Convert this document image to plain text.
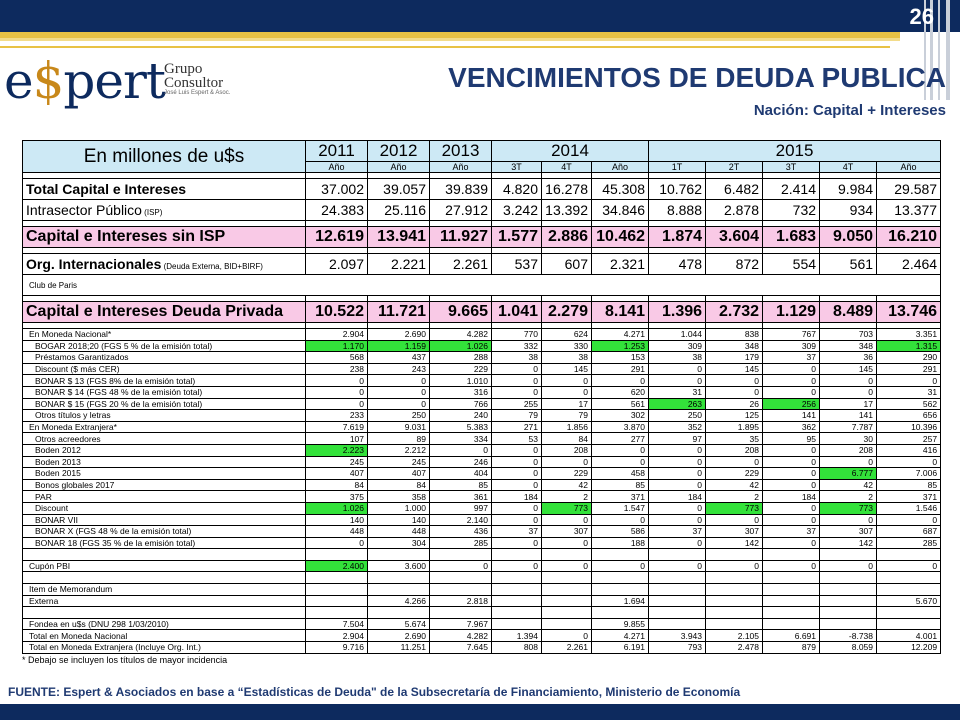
26
e$pert Grupo
Consultor
José Luis Espert & Asoc.	VENCIMIENTOS DE DEUDA PUBLICA
Nación: Capital + Intereses
En millones de u$s	2011	2012	2013	2014			2015				
	Año	Año	Año	3T	4T	Año	1T	2T	3T	4T	Año

Total Capital e Intereses	37.002	39.057	39.839	4.820	16.278	45.308	10.762	6.482	2.414	9.984	29.587
Intrasector Público (ISP)	24.383	25.116	27.912	3.242	13.392	34.846	8.888	2.878	732	934	13.377

Capital e Intereses sin ISP	12.619	13.941	11.927	1.577	2.886	10.462	1.874	3.604	1.683	9.050	16.210

Org. Internacionales (Deuda Externa, BID+BIRF)	2.097	2.221	2.261	537	607	2.321	478	872	554	561	2.464
Club de Paris											

Capital e Intereses Deuda Privada	10.522	11.721	9.665	1.041	2.279	8.141	1.396	2.732	1.129	8.489	13.746

En Moneda Nacional*	2.904	2.690	4.282	770	624	4.271	1.044	838	767	703	3.351
BOGAR 2018;20 (FGS 5 % de la emisión total)	1.170	1.159	1.026	332	330	1.253	309	348	309	348	1.315
Préstamos Garantizados	568	437	288	38	38	153	38	179	37	36	290
Discount ($ más CER)	238	243	229	0	145	291	0	145	0	145	291
BONAR $ 13 (FGS 8% de la emisión total)	0	0	1.010	0	0	0	0	0	0	0	0
BONAR $ 14 (FGS 48 % de la emisión total)	0	0	316	0	0	620	31	0	0	0	31
BONAR $ 15 (FGS 20 % de la emisión total)	0	0	766	255	17	561	263	26	256	17	562
Otros títulos y letras	233	250	240	79	79	302	250	125	141	141	656
En Moneda Extranjera*	7.619	9.031	5.383	271	1.856	3.870	352	1.895	362	7.787	10.396
Otros acreedores	107	89	334	53	84	277	97	35	95	30	257
Boden 2012	2.223	2.212	0	0	208	0	0	208	0	208	416
Boden 2013	245	245	246	0	0	0	0	0	0	0	0
Boden 2015	407	407	404	0	229	458	0	229	0	6.777	7.006
Bonos globales 2017	84	84	85	0	42	85	0	42	0	42	85
PAR	375	358	361	184	2	371	184	2	184	2	371
Discount	1.026	1.000	997	0	773	1.547	0	773	0	773	1.546
BONAR VII	140	140	2.140	0	0	0	0	0	0	0	0
BONAR X (FGS 48 % de la emisión total)	448	448	436	37	307	586	37	307	37	307	687
BONAR 18 (FGS 35 % de la emisión total)	0	304	285	0	0	188	0	142	0	142	285

Cupón PBI	2.400	3.600	0	0	0	0	0	0	0	0	0

Item de Memorandum											
Externa		4.266	2.818			1.694					5.670

Fondea en u$s (DNU 298 1/03/2010)	7.504	5.674	7.967			9.855					
Total en Moneda Nacional	2.904	2.690	4.282	1.394	0	4.271	3.943	2.105	6.691	-8.738	4.001
Total en Moneda Extranjera (Incluye Org. Int.)	9.716	11.251	7.645	808	2.261	6.191	793	2.478	879	8.059	12.209
* Debajo se incluyen los títulos de mayor incidencia
FUENTE: Espert & Asociados en base a “Estadísticas de Deuda" de la Subsecretaría de Financiamiento, Ministerio de Economía
